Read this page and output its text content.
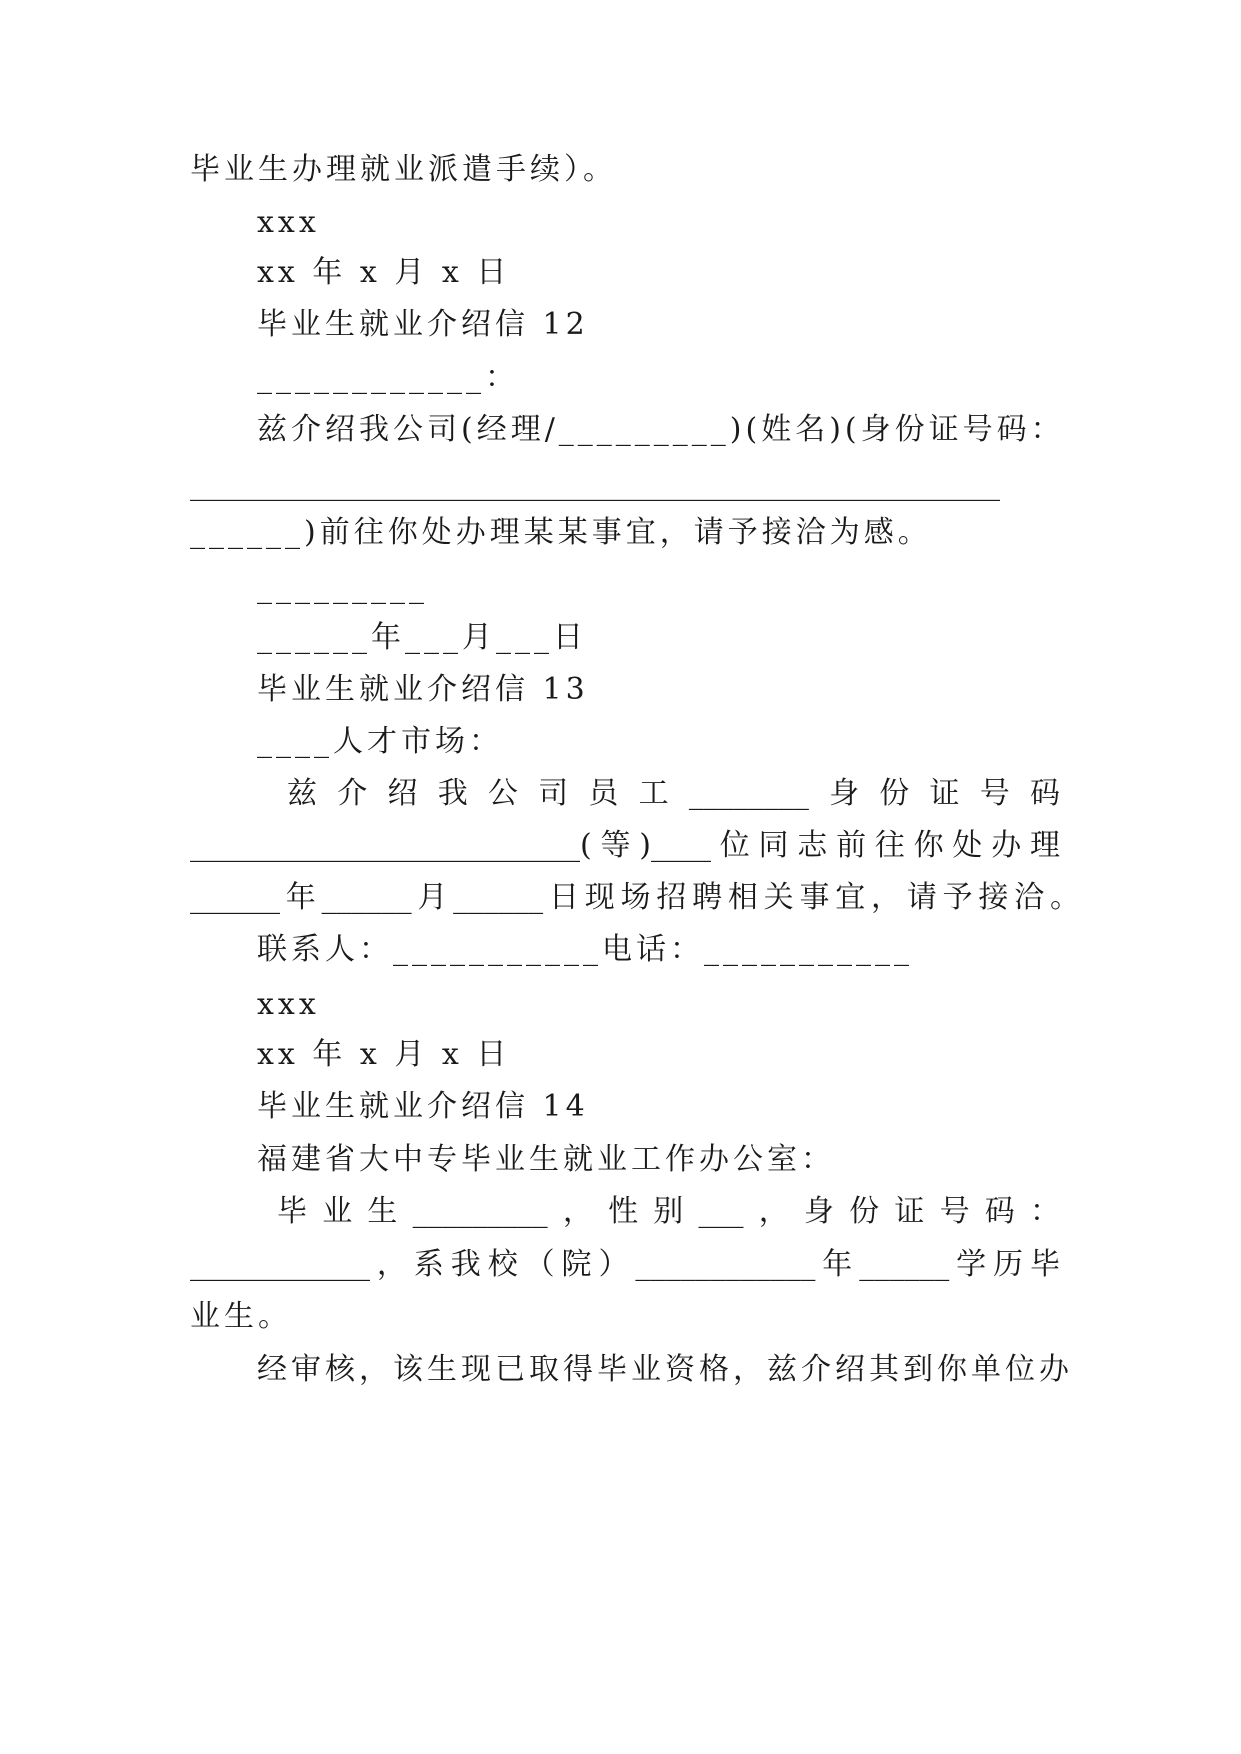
毕业生办理就业派遣手续）。
xxx
xx 年 x 月 x 日
毕业生就业介绍信 12
____________：
兹介绍我公司(经理/_________)(姓名)(身份证号码：
______________________________________________________
______)前往你处办理某某事宜，请予接洽为感。
_________
______年___月___日
毕业生就业介绍信 13
____人才市场：
兹介绍我公司员工________身份证号码
__________________________(等)____位同志前往你处办理
______年______月______日现场招聘相关事宜，请予接洽。
联系人：___________电话：___________
xxx
xx 年 x 月 x 日
毕业生就业介绍信 14
福建省大中专毕业生就业工作办公室：
毕业生_________，性别___，身份证号码：
____________，系我校（院）____________年______学历毕
业生。
经审核，该生现已取得毕业资格，兹介绍其到你单位办
